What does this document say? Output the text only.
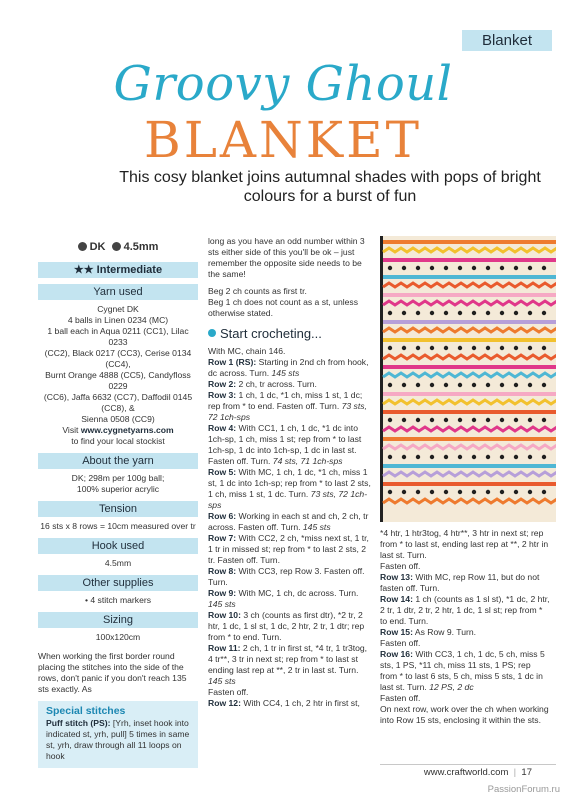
Blanket
Groovy Ghoul
BLANKET
This cosy blanket joins autumnal shades with pops of bright colours for a burst of fun
DK 4.5mm
★★ Intermediate
Yarn used
Cygnet DK
4 balls in Linen 0234 (MC)
1 ball each in Aqua 0211 (CC1), Lilac 0233
(CC2), Black 0217 (CC3), Cerise 0134 (CC4),
Burnt Orange 4888 (CC5), Candyfloss 0229
(CC6), Jaffa 6632 (CC7), Daffodil 0145 (CC8), &
Sienna 0508 (CC9)
Visit www.cygnetyarns.com
to find your local stockist
About the yarn
DK; 298m per 100g ball;
100% superior acrylic
Tension
16 sts x 8 rows = 10cm measured over tr
Hook used
4.5mm
Other supplies
• 4 stitch markers
Sizing
100x120cm
When working the first border round placing the stitches into the side of the rows, don't panic if you don't reach 135 sts exactly. As
Special stitches
Puff stitch (PS): [Yrh, inset hook into indicated st, yrh, pull] 5 times in same st, yrh, draw through all 11 loops on hook

long as you have an odd number within 3 sts either side of this you'll be ok – just remember the opposite side needs to be the same!

Beg 2 ch counts as first tr.

Beg 1 ch does not count as a st, unless otherwise stated.

Start crocheting...

With MC, chain 146.

Row 1 (RS): Starting in 2nd ch from hook, dc across. Turn. 145 sts

Row 2: 2 ch, tr across. Turn.

Row 3: 1 ch, 1 dc, *1 ch, miss 1 st, 1 dc; rep from * to end. Fasten off. Turn. 73 sts, 72 1ch-sps

Row 4: With CC1, 1 ch, 1 dc, *1 dc into 1ch-sp, 1 ch, miss 1 st; rep from * to last 1ch-sp, 1 dc into 1ch-sp, 1 dc in last st. Fasten off. Turn. 74 sts, 71 1ch-sps

Row 5: With MC, 1 ch, 1 dc, *1 ch, miss 1 st, 1 dc into 1ch-sp; rep from * to last 2 sts, 1 ch, miss 1 st, 1 dc. Turn. 73 sts, 72 1ch-sps

Row 6: Working in each st and ch, 2 ch, tr across. Fasten off. Turn. 145 sts

Row 7: With CC2, 2 ch, *miss next st, 1 tr, 1 tr in missed st; rep from * to last 2 sts, 2 tr. Fasten off. Turn.

Row 8: With CC3, rep Row 3. Fasten off. Turn.

Row 9: With MC, 1 ch, dc across. Turn. 145 sts

Row 10: 3 ch (counts as first dtr), *2 tr, 2 htr, 1 dc, 1 sl st, 1 dc, 2 htr, 2 tr, 1 dtr; rep from * to end. Turn.

Row 11: 2 ch, 1 tr in first st, *4 tr, 1 tr3tog, 4 tr**, 3 tr in next st; rep from * to last st ending last rep at **, 2 tr in last st. Turn. 145 sts

Fasten off.

Row 12: With CC4, 1 ch, 2 htr in first st,

*4 htr, 1 htr3tog, 4 htr**, 3 htr in next st; rep from * to last st, ending last rep at **, 2 htr in last st. Turn.

Fasten off.

Row 13: With MC, rep Row 11, but do not fasten off. Turn.

Row 14: 1 ch (counts as 1 sl st), *1 dc, 2 htr, 2 tr, 1 dtr, 2 tr, 2 htr, 1 dc, 1 sl st; rep from * to end. Turn.

Row 15: As Row 9. Turn.

Fasten off.

Row 16: With CC3, 1 ch, 1 dc, 5 ch, miss 5 sts, 1 PS, *11 ch, miss 11 sts, 1 PS; rep from * to last 6 sts, 5 ch, miss 5 sts, 1 dc in last st. Turn. 12 PS, 2 dc

Fasten off.

On next row, work over the ch when working into Row 15 sts, enclosing it within the sts.

www.craftworld.com  |  17
PassionForum.ru
